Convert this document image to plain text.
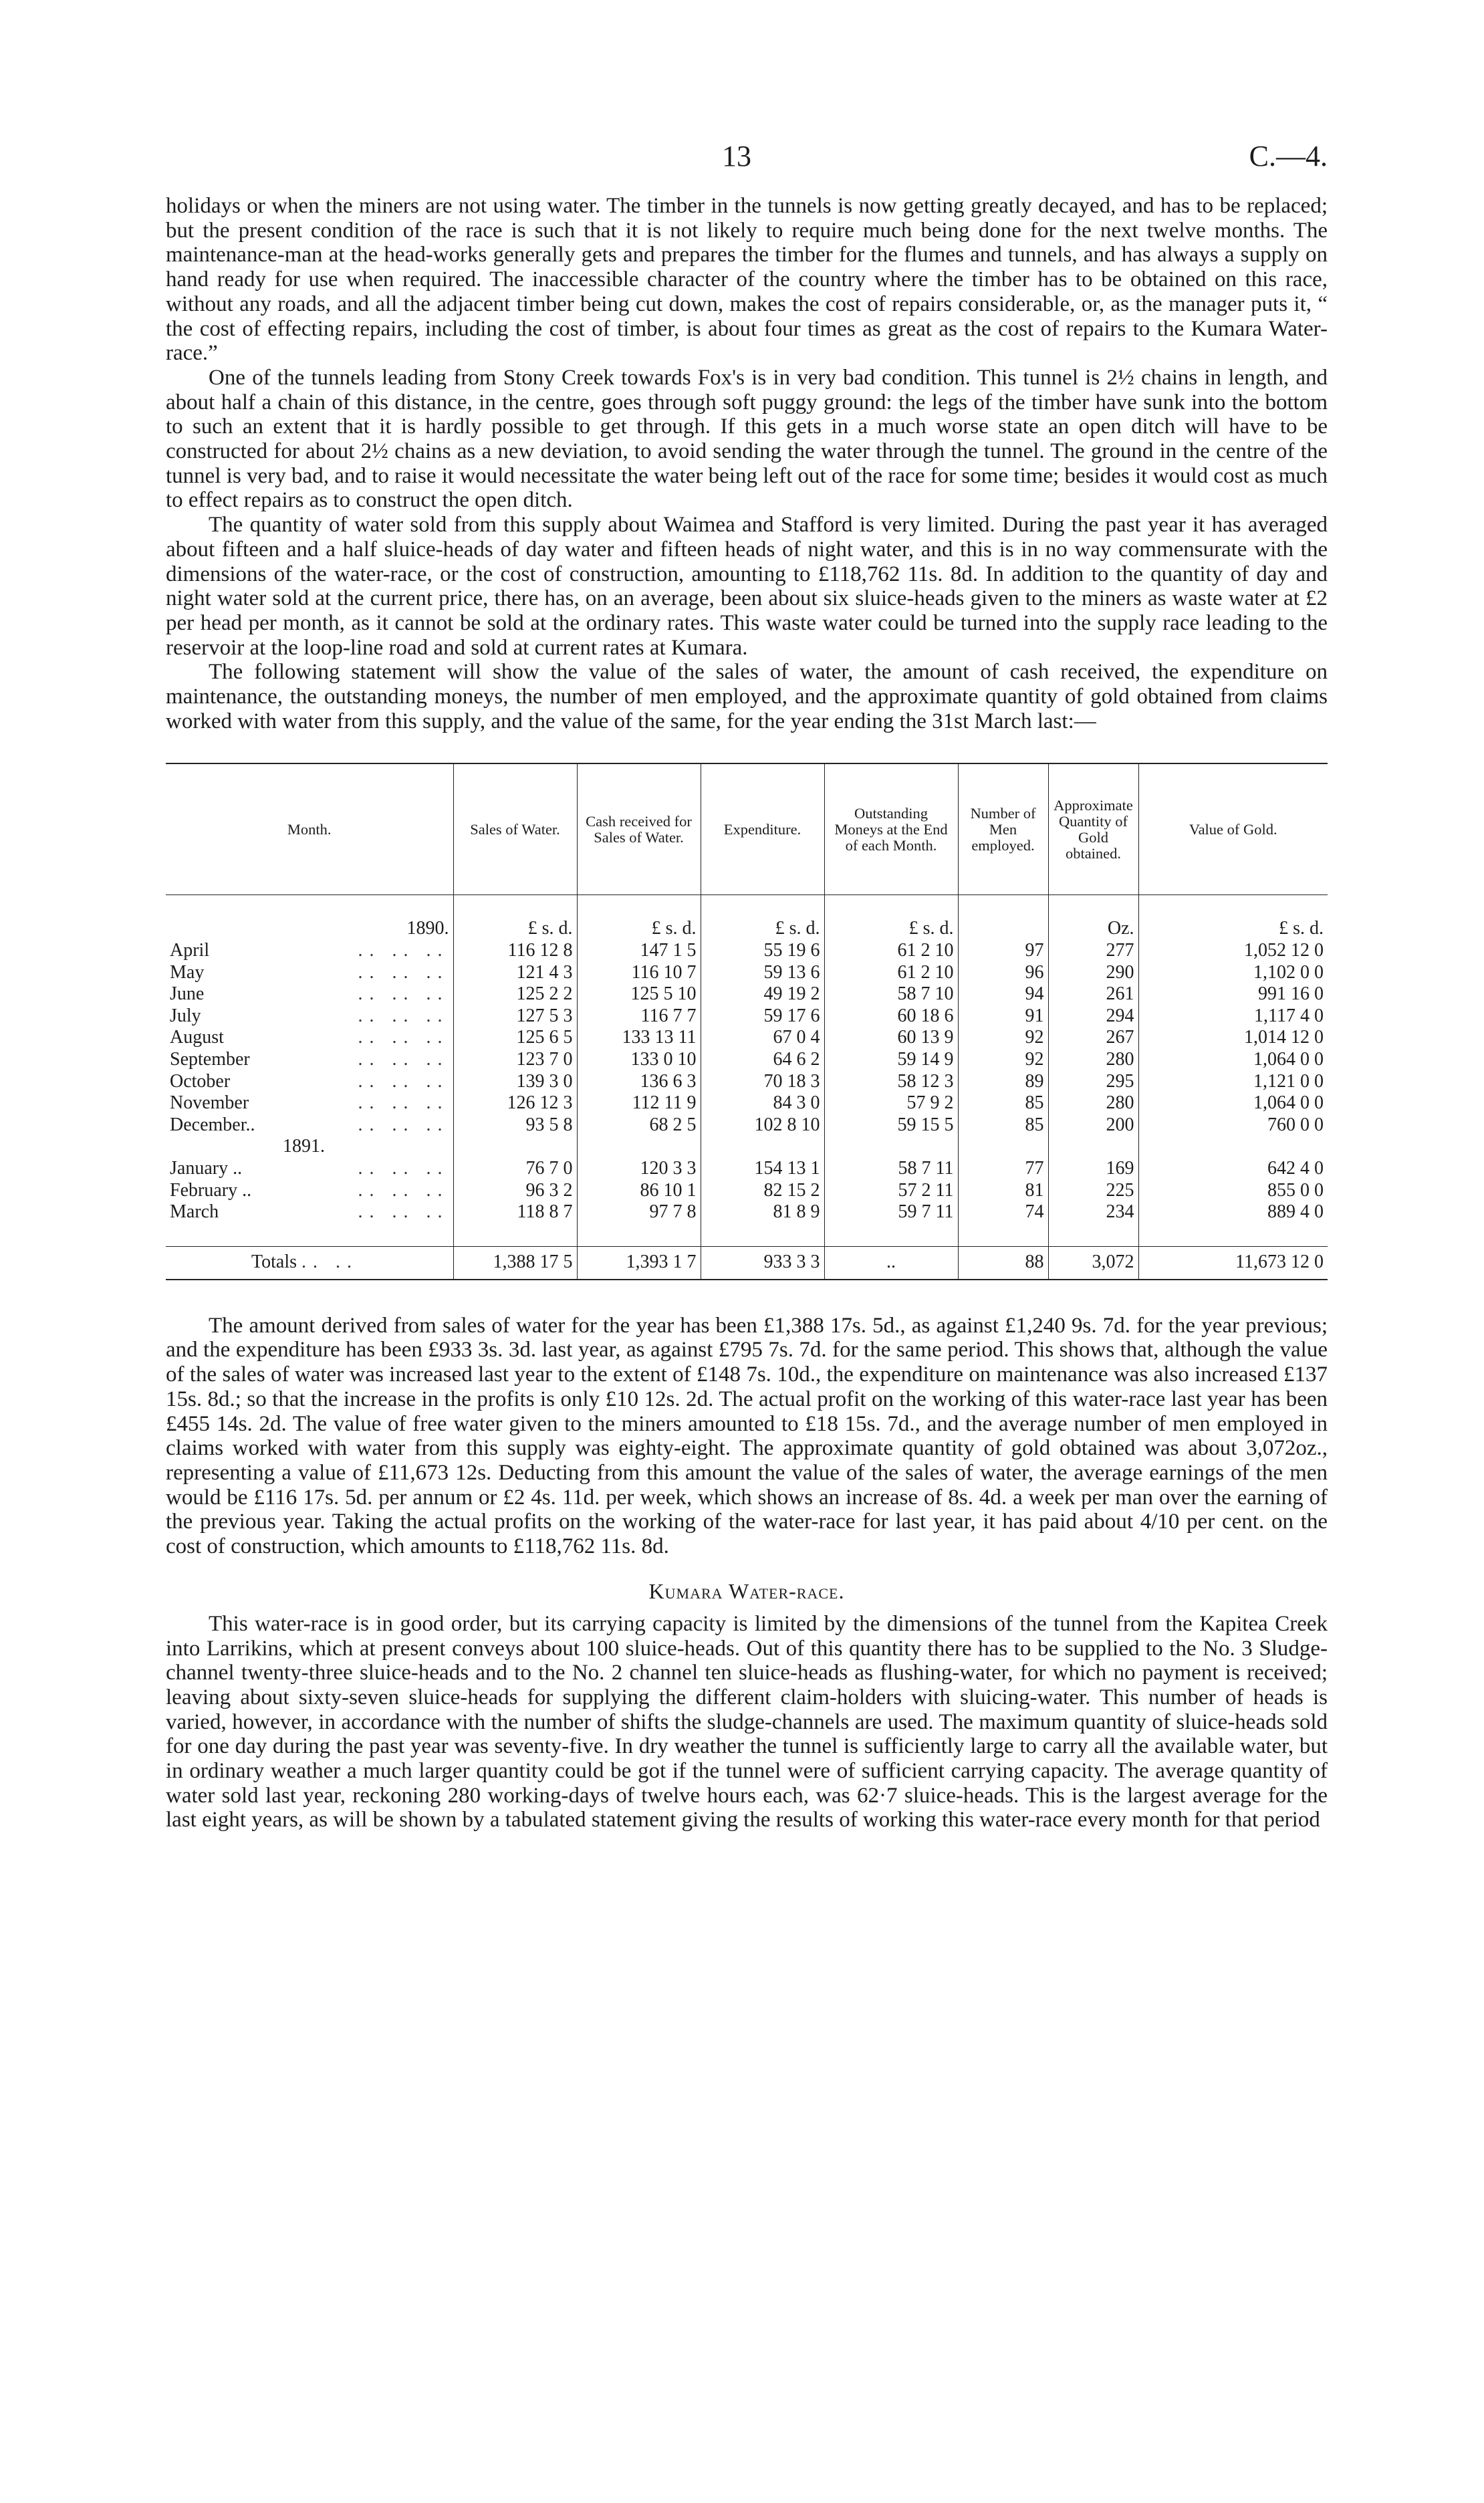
13	C.—4.

holidays or when the miners are not using water. The timber in the tunnels is now getting greatly decayed, and has to be replaced; but the present condition of the race is such that it is not likely to require much being done for the next twelve months. The maintenance-man at the head-works generally gets and prepares the timber for the flumes and tunnels, and has always a supply on hand ready for use when required. The inaccessible character of the country where the timber has to be obtained on this race, without any roads, and all the adjacent timber being cut down, makes the cost of repairs considerable, or, as the manager puts it, “ the cost of effecting repairs, including the cost of timber, is about four times as great as the cost of repairs to the Kumara Water-race.”

One of the tunnels leading from Stony Creek towards Fox's is in very bad condition. This tunnel is 2½ chains in length, and about half a chain of this distance, in the centre, goes through soft puggy ground: the legs of the timber have sunk into the bottom to such an extent that it is hardly possible to get through. If this gets in a much worse state an open ditch will have to be constructed for about 2½ chains as a new deviation, to avoid sending the water through the tunnel. The ground in the centre of the tunnel is very bad, and to raise it would necessitate the water being left out of the race for some time; besides it would cost as much to effect repairs as to construct the open ditch.

The quantity of water sold from this supply about Waimea and Stafford is very limited. During the past year it has averaged about fifteen and a half sluice-heads of day water and fifteen heads of night water, and this is in no way commensurate with the dimensions of the water-race, or the cost of construction, amounting to £118,762 11s. 8d. In addition to the quantity of day and night water sold at the current price, there has, on an average, been about six sluice-heads given to the miners as waste water at £2 per head per month, as it cannot be sold at the ordinary rates. This waste water could be turned into the supply race leading to the reservoir at the loop-line road and sold at current rates at Kumara.

The following statement will show the value of the sales of water, the amount of cash received, the expenditure on maintenance, the outstanding moneys, the number of men employed, and the approximate quantity of gold obtained from claims worked with water from this supply, and the value of the same, for the year ending the 31st March last:—

Month.	Sales of Water.	Cash received for Sales of Water.	Expenditure.	Outstanding Moneys at the End of each Month.	Number of Men employed.	Approximate Quantity of Gold obtained.	Value of Gold.

1890.	£ s. d.	£ s. d.	£ s. d.	£ s. d.		Oz.	£ s. d.

April .. .. ..	116 12 8	147 1 5	55 19 6	61 2 10	97	277	1,052 12 0

May .. .. ..	121 4 3	116 10 7	59 13 6	61 2 10	96	290	1,102 0 0

June .. .. ..	125 2 2	125 5 10	49 19 2	58 7 10	94	261	991 16 0

July .. .. ..	127 5 3	116 7 7	59 17 6	60 18 6	91	294	1,117 4 0

August .. .. ..	125 6 5	133 13 11	67 0 4	60 13 9	92	267	1,014 12 0

September .. .. ..	123 7 0	133 0 10	64 6 2	59 14 9	92	280	1,064 0 0

October .. .. ..	139 3 0	136 6 3	70 18 3	58 12 3	89	295	1,121 0 0

November .. .. ..	126 12 3	112 11 9	84 3 0	57 9 2	85	280	1,064 0 0

December.. .. .. ..	93 5 8	68 2 5	102 8 10	59 15 5	85	200	760 0 0
1891.							

January .. .. .. ..	76 7 0	120 3 3	154 13 1	58 7 11	77	169	642 4 0

February .. .. .. ..	96 3 2	86 10 1	82 15 2	57 2 11	81	225	855 0 0

March .. .. ..	118 8 7	97 7 8	81 8 9	59 7 11	74	234	889 4 0

Totals .. ..	1,388 17 5	1,393 1 7	933 3 3	..	88	3,072	11,673 12 0

The amount derived from sales of water for the year has been £1,388 17s. 5d., as against £1,240 9s. 7d. for the year previous; and the expenditure has been £933 3s. 3d. last year, as against £795 7s. 7d. for the same period. This shows that, although the value of the sales of water was increased last year to the extent of £148 7s. 10d., the expenditure on maintenance was also increased £137 15s. 8d.; so that the increase in the profits is only £10 12s. 2d. The actual profit on the working of this water-race last year has been £455 14s. 2d. The value of free water given to the miners amounted to £18 15s. 7d., and the average number of men employed in claims worked with water from this supply was eighty-eight. The approximate quantity of gold obtained was about 3,072oz., representing a value of £11,673 12s. Deducting from this amount the value of the sales of water, the average earnings of the men would be £116 17s. 5d. per annum or £2 4s. 11d. per week, which shows an increase of 8s. 4d. a week per man over the earning of the previous year. Taking the actual profits on the working of the water-race for last year, it has paid about 4/10 per cent. on the cost of construction, which amounts to £118,762 11s. 8d.

Kumara Water-race.

This water-race is in good order, but its carrying capacity is limited by the dimensions of the tunnel from the Kapitea Creek into Larrikins, which at present conveys about 100 sluice-heads. Out of this quantity there has to be supplied to the No. 3 Sludge-channel twenty-three sluice-heads and to the No. 2 channel ten sluice-heads as flushing-water, for which no payment is received; leaving about sixty-seven sluice-heads for supplying the different claim-holders with sluicing-water. This number of heads is varied, however, in accordance with the number of shifts the sludge-channels are used. The maximum quantity of sluice-heads sold for one day during the past year was seventy-five. In dry weather the tunnel is sufficiently large to carry all the available water, but in ordinary weather a much larger quantity could be got if the tunnel were of sufficient carrying capacity. The average quantity of water sold last year, reckoning 280 working-days of twelve hours each, was 62·7 sluice-heads. This is the largest average for the last eight years, as will be shown by a tabulated statement giving the results of working this water-race every month for that period
